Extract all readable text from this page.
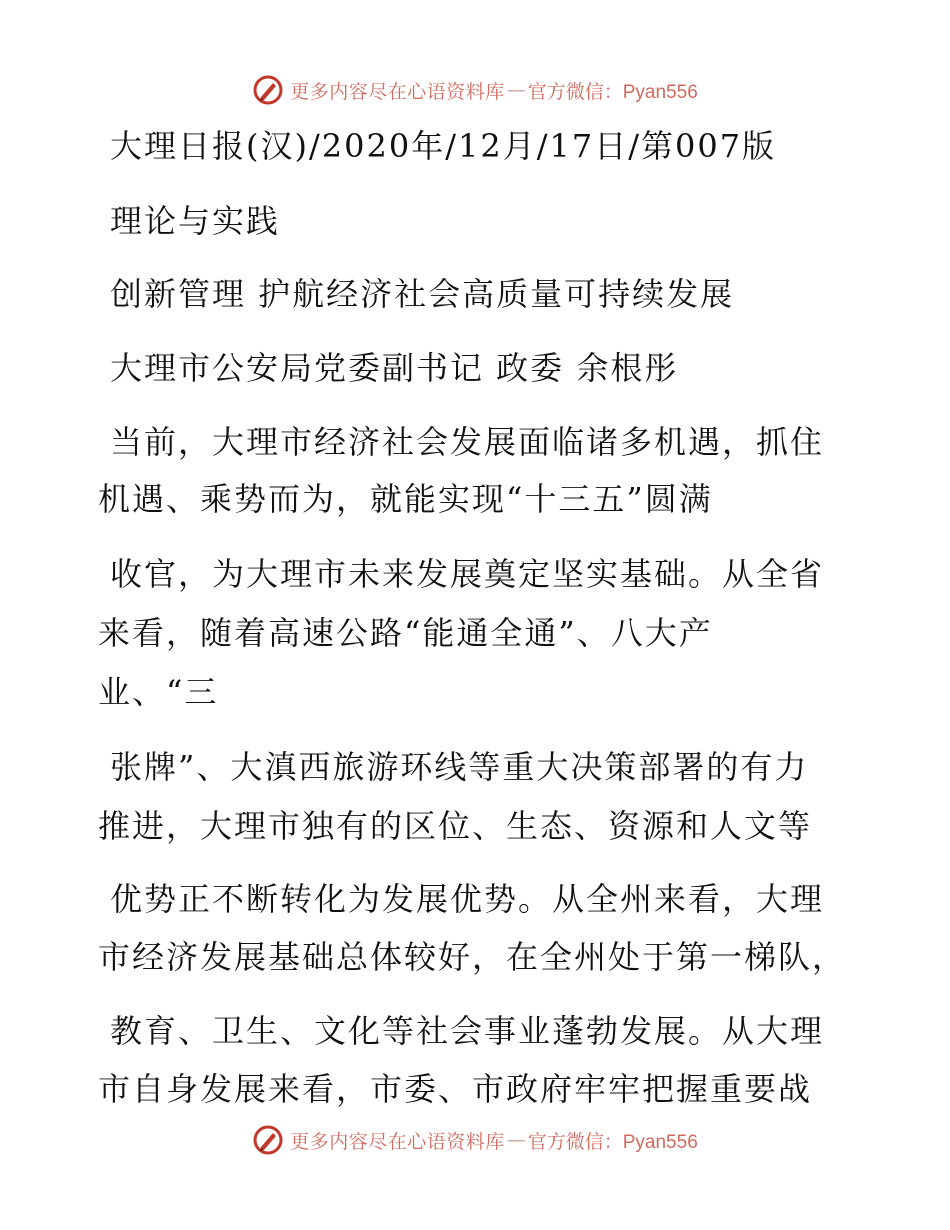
更多内容尽在心语资料库 — 官方微信：Pyan556
大理日报(汉)/2020年/12月/17日/第007版
理论与实践
创新管理 护航经济社会高质量可持续发展
大理市公安局党委副书记 政委 余根彤
当前，大理市经济社会发展面临诸多机遇，抓住
机遇、乘势而为，就能实现“十三五”圆满
收官，为大理市未来发展奠定坚实基础。从全省
来看，随着高速公路“能通全通”、八大产
业、“三
张牌”、大滇西旅游环线等重大决策部署的有力
推进，大理市独有的区位、生态、资源和人文等
优势正不断转化为发展优势。从全州来看，大理
市经济发展基础总体较好，在全州处于第一梯队，
教育、卫生、文化等社会事业蓬勃发展。从大理
市自身发展来看，市委、市政府牢牢把握重要战
更多内容尽在心语资料库 — 官方微信：Pyan556
